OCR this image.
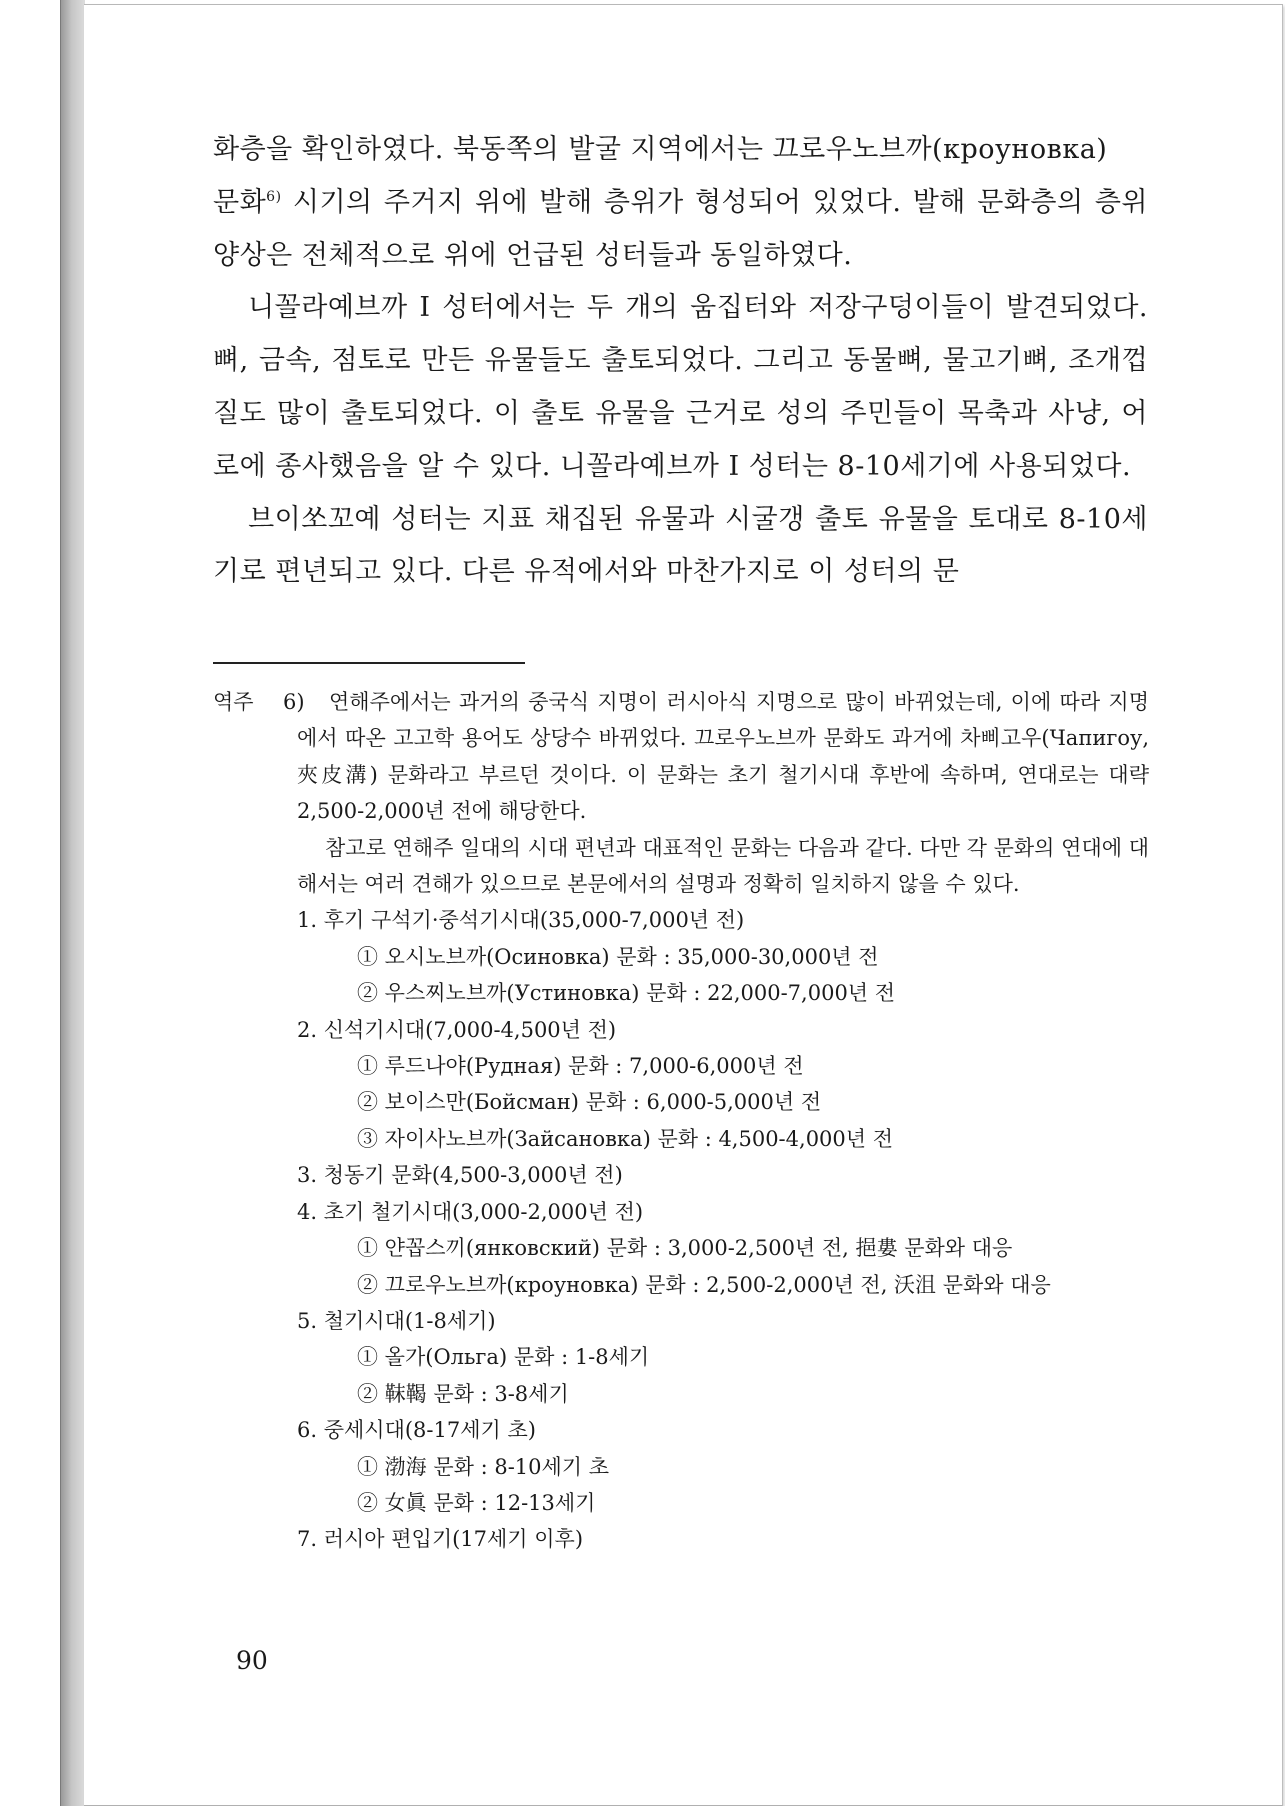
화층을 확인하였다. 북동쪽의 발굴 지역에서는 끄로우노브까(кроуновка)
문화$^{6)}$ 시기의 주거지 위에 발해 층위가 형성되어 있었다. 발해 문화층의 층위 양상은 전체적으로 위에 언급된 성터들과 동일하였다.

니꼴라예브까 I 성터에서는 두 개의 움집터와 저장구덩이들이 발견되었다. 뼈, 금속, 점토로 만든 유물들도 출토되었다. 그리고 동물뼈, 물고기뼈, 조개껍질도 많이 출토되었다. 이 출토 유물을 근거로 성의 주민들이 목축과 사냥, 어로에 종사했음을 알 수 있다. 니꼴라예브까 I 성터는 8-10세기에 사용되었다.

브이쏘꼬예 성터는 지표 채집된 유물과 시굴갱 출토 유물을 토대로 8-10세기로 편년되고 있다. 다른 유적에서와 마찬가지로 이 성터의 문

역주 6)	연해주에서는 과거의 중국식 지명이 러시아식 지명으로 많이 바뀌었는데, 이에 따라 지명에서 따온 고고학 용어도 상당수 바뀌었다. 끄로우노브까 문화도 과거에 차삐고우(Чапигоу, 夾皮溝) 문화라고 부르던 것이다. 이 문화는 초기 철기시대 후반에 속하며, 연대로는 대략 2,500-2,000년 전에 해당한다.

참고로 연해주 일대의 시대 편년과 대표적인 문화는 다음과 같다. 다만 각 문화의 연대에 대해서는 여러 견해가 있으므로 본문에서의 설명과 정확히 일치하지 않을 수 있다.

1. 후기 구석기·중석기시대(35,000-7,000년 전)
① 오시노브까(Осиновка) 문화 : 35,000-30,000년 전
② 우스찌노브까(Устиновка) 문화 : 22,000-7,000년 전
2. 신석기시대(7,000-4,500년 전)
① 루드나야(Рудная) 문화 : 7,000-6,000년 전
② 보이스만(Бойсман) 문화 : 6,000-5,000년 전
③ 자이사노브까(Зайсановка) 문화 : 4,500-4,000년 전
3. 청동기 문화(4,500-3,000년 전)
4. 초기 철기시대(3,000-2,000년 전)
① 얀꼽스끼(янковский) 문화 : 3,000-2,500년 전, 挹婁 문화와 대응
② 끄로우노브까(кроуновка) 문화 : 2,500-2,000년 전, 沃沮 문화와 대응
5. 철기시대(1-8세기)
① 올가(Ольга) 문화 : 1-8세기
② 靺鞨 문화 : 3-8세기
6. 중세시대(8-17세기 초)
① 渤海 문화 : 8-10세기 초
② 女眞 문화 : 12-13세기
7. 러시아 편입기(17세기 이후)
90
